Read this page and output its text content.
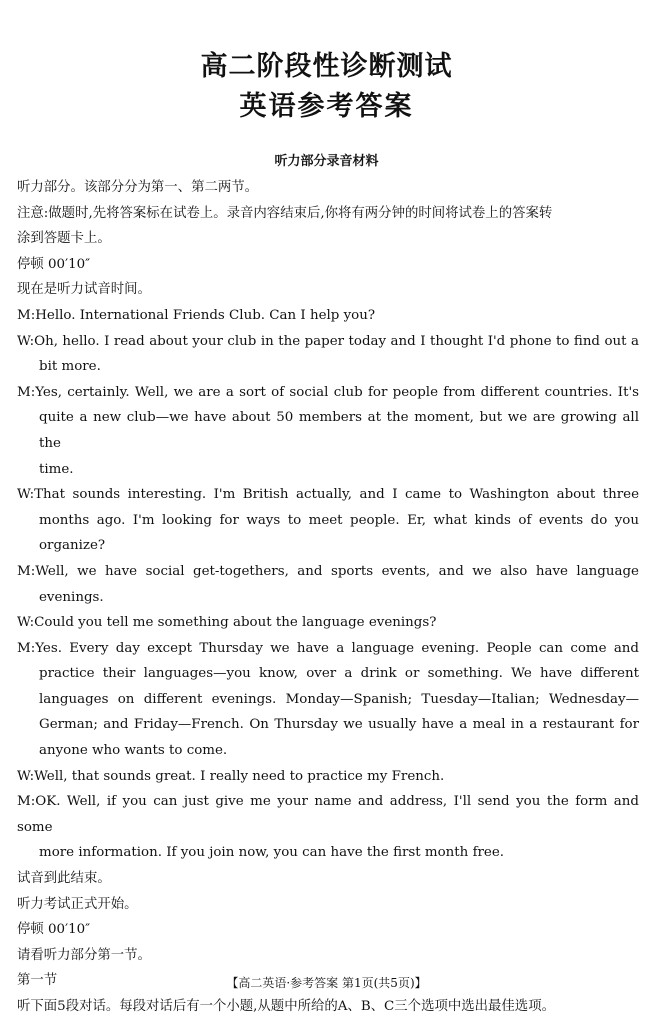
高二阶段性诊断测试
英语参考答案
听力部分录音材料
听力部分。该部分分为第一、第二两节。
注意:做题时,先将答案标在试卷上。录音内容结束后,你将有两分钟的时间将试卷上的答案转
涂到答题卡上。
停顿 00′10″
现在是听力试音时间。
M:Hello. International Friends Club. Can I help you?
W:Oh, hello. I read about your club in the paper today and I thought I'd phone to find out a
bit more.
M:Yes, certainly. Well, we are a sort of social club for people from different countries. It's
quite a new club—we have about 50 members at the moment, but we are growing all the
time.
W:That sounds interesting. I'm British actually, and I came to Washington about three
months ago. I'm looking for ways to meet people. Er, what kinds of events do you
organize?
M:Well, we have social get-togethers, and sports events, and we also have language
evenings.
W:Could you tell me something about the language evenings?
M:Yes. Every day except Thursday we have a language evening. People can come and
practice their languages—you know, over a drink or something. We have different
languages on different evenings. Monday—Spanish; Tuesday—Italian; Wednesday—
German; and Friday—French. On Thursday we usually have a meal in a restaurant for
anyone who wants to come.
W:Well, that sounds great. I really need to practice my French.
M:OK. Well, if you can just give me your name and address, I'll send you the form and some
more information. If you join now, you can have the first month free.
试音到此结束。
听力考试正式开始。
停顿 00′10″
请看听力部分第一节。
第一节
听下面5段对话。每段对话后有一个小题,从题中所给的A、B、C三个选项中选出最佳选项。
【高二英语·参考答案 第1页(共5页)】
